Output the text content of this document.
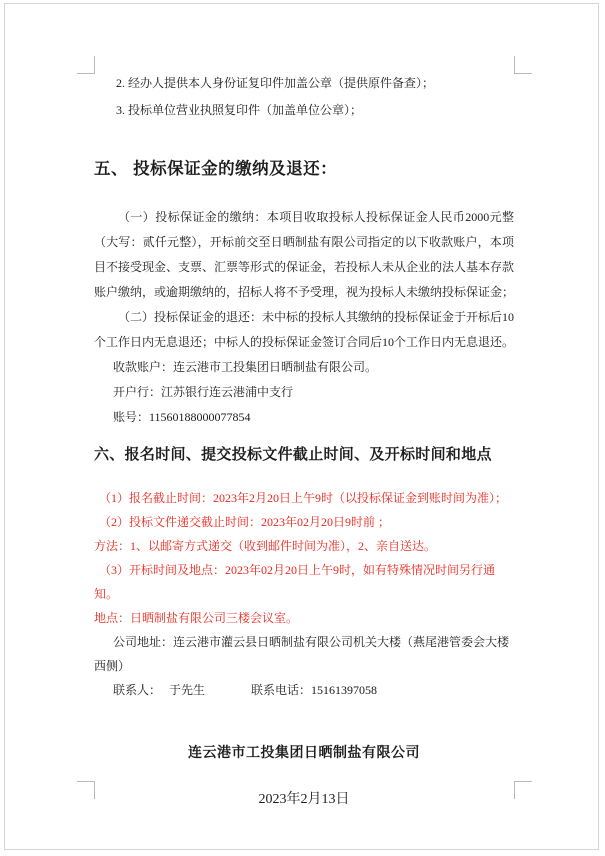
2. 经办人提供本人身份证复印件加盖公章（提供原件备查）；

3. 投标单位营业执照复印件（加盖单位公章）；

五、 投标保证金的缴纳及退还：

（一）投标保证金的缴纳：本项目收取投标人投标保证金人民币2000元整（大写：贰仟元整），开标前交至日晒制盐有限公司指定的以下收款账户，本项目不接受现金、支票、汇票等形式的保证金，若投标人未从企业的法人基本存款账户缴纳，或逾期缴纳的，招标人将不予受理，视为投标人未缴纳投标保证金；

（二）投标保证金的退还：未中标的投标人其缴纳的投标保证金于开标后10个工作日内无息退还；中标人的投标保证金签订合同后10个工作日内无息退还。

收款账户：连云港市工投集团日晒制盐有限公司。

开户行：江苏银行连云港浦中支行

账号：11560188000077854

六、报名时间、提交投标文件截止时间、及开标时间和地点

（1）报名截止时间：2023年2月20日上午9时（以投标保证金到账时间为准）；

（2）投标文件递交截止时间：2023年02月20日9时前 ；

方法：1、以邮寄方式递交（收到邮件时间为准），2、亲自送达。

（3）开标时间及地点：2023年02月20日上午9时，如有特殊情况时间另行通知。

地点：日晒制盐有限公司三楼会议室。

公司地址：连云港市灌云县日晒制盐有限公司机关大楼（燕尾港管委会大楼西侧）

联系人： 于先生	联系电话：15161397058

连云港市工投集团日晒制盐有限公司

2023年2月13日
